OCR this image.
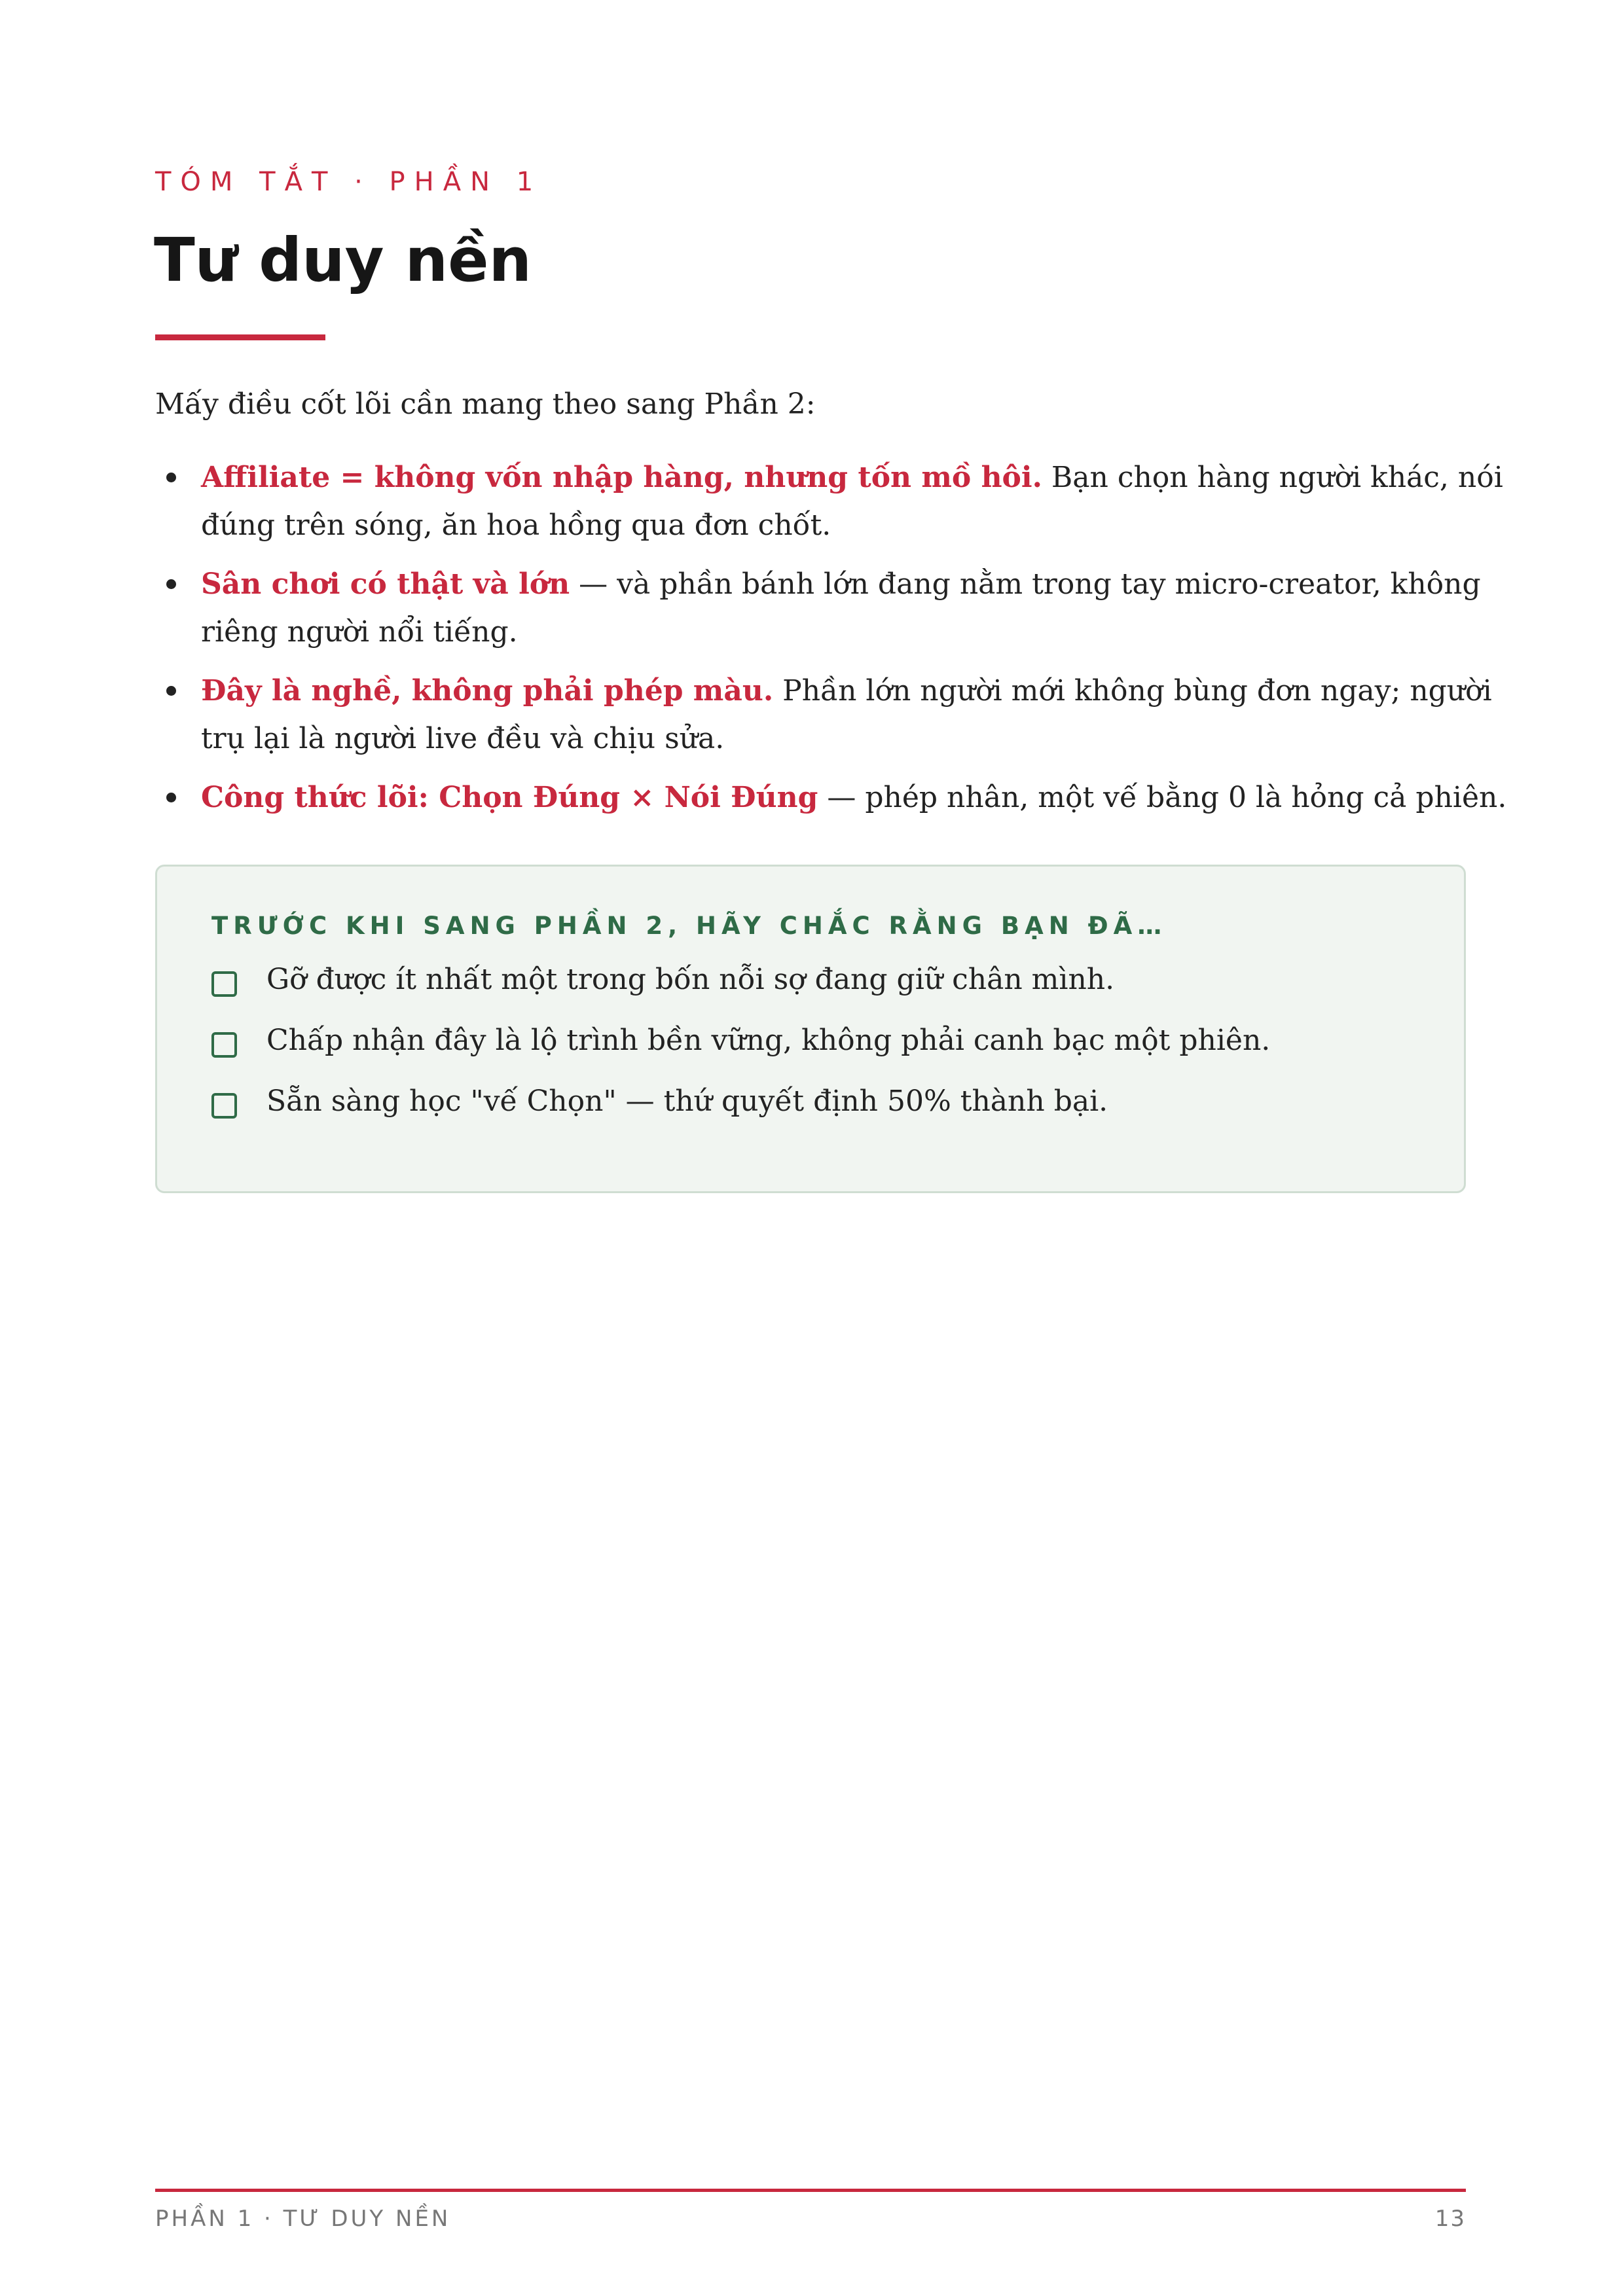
TÓM TẮT · PHẦN 1
Tư duy nền

Mấy điều cốt lõi cần mang theo sang Phần 2:

Affiliate = không vốn nhập hàng, nhưng tốn mồ hôi. Bạn chọn hàng người khác, nói
đúng trên sóng, ăn hoa hồng qua đơn chốt.
Sân chơi có thật và lớn — và phần bánh lớn đang nằm trong tay micro-creator, không
riêng người nổi tiếng.
Đây là nghề, không phải phép màu. Phần lớn người mới không bùng đơn ngay; người
trụ lại là người live đều và chịu sửa.
Công thức lõi: Chọn Đúng × Nói Đúng — phép nhân, một vế bằng 0 là hỏng cả phiên.
TRƯỚC KHI SANG PHẦN 2, HÃY CHẮC RẰNG BẠN ĐÃ…
Gỡ được ít nhất một trong bốn nỗi sợ đang giữ chân mình.
Chấp nhận đây là lộ trình bền vững, không phải canh bạc một phiên.
Sẵn sàng học "vế Chọn" — thứ quyết định 50% thành bại.
PHẦN 1 · TƯ DUY NỀN	13
